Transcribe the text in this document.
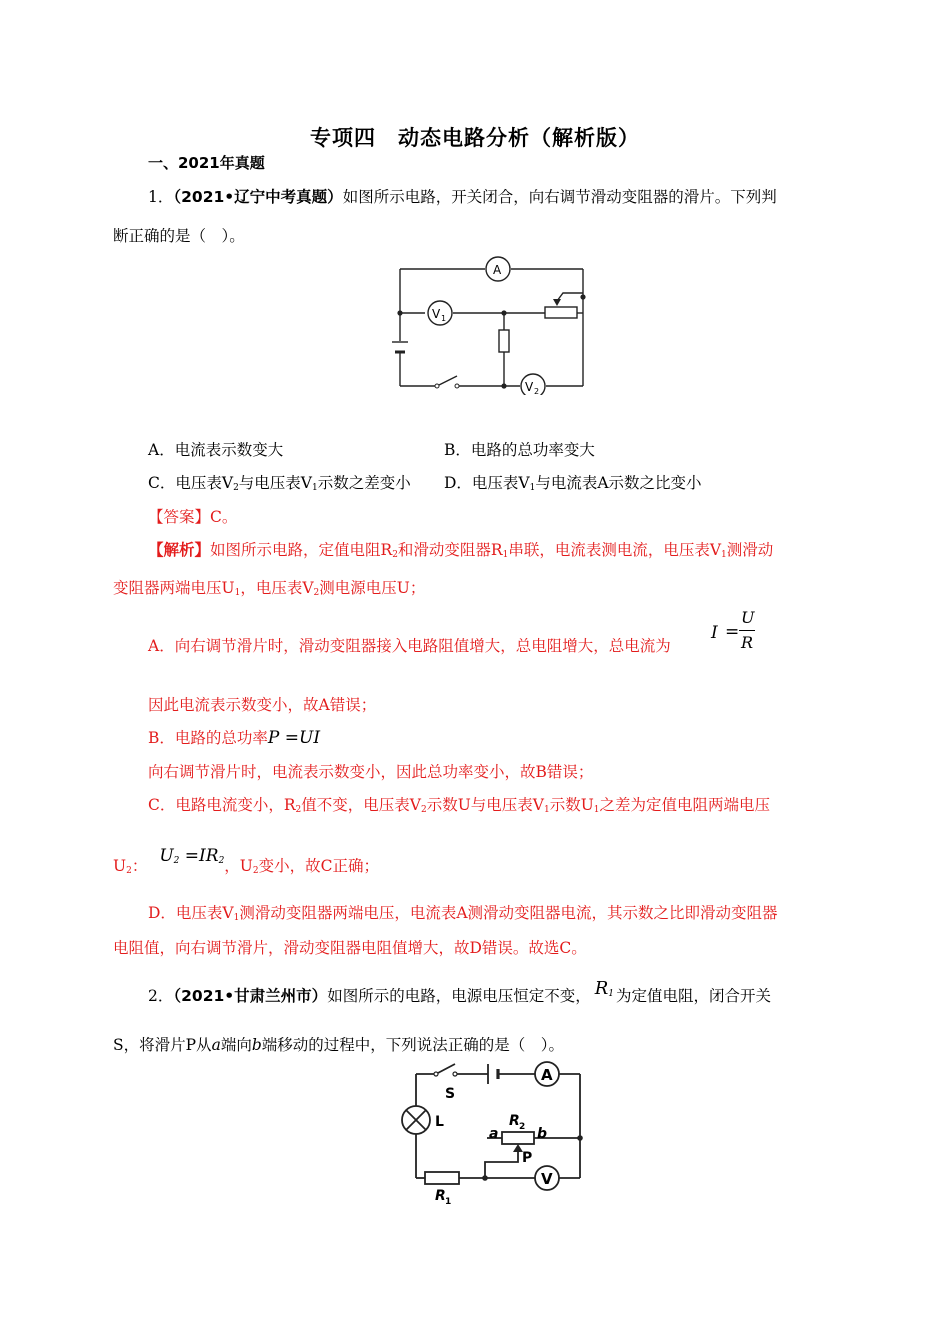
专项四　动态电路分析（解析版）
一、2021年真题
1．（2021•辽宁中考真题）如图所示电路，开关闭合，向右调节滑动变阻器的滑片。下列判
断正确的是（　）。
A
V 1
V 2
A．电流表示数变大	B．电路的总功率变大
C．电压表$V_2$与电压表$V_1$示数之差变小 D．电压表$V_1$与电流表A示数之比变小
【答案】C。
【解析】如图所示电路，定值电阻$R_2$和滑动变阻器$R_1$串联，电流表测电流，电压表$V_1$测滑动
变阻器两端电压$U_1$，电压表$V_2$测电源电压U；
A．向右调节滑片时，滑动变阻器接入电路阻值增大，总电阻增大，总电流为
I =
U
R
因此电流表示数变小，故A错误；
B．电路的总功率P =UI
向右调节滑片时，电流表示数变小，因此总功率变小，故B错误；
C．电路电流变小，$R_2$值不变，电压表$V_2$示数U与电压表$V_1$示数$U_1$之差为定值电阻两端电压
$U_2$： $U_2 =IR_2$，$U_2$变小，故C正确；
D．电压表$V_1$测滑动变阻器两端电压，电流表A测滑动变阻器电流，其示数之比即滑动变阻器
电阻值，向右调节滑片，滑动变阻器电阻值增大，故D错误。故选C。
2．（2021•甘肃兰州市）如图所示的电路，电源电压恒定不变， $R_1$ 为定值电阻，闭合开关
S，将滑片P从a端向b端移动的过程中，下列说法正确的是（　）。
S
A
L	R 2
a	b
P
V
R 1
